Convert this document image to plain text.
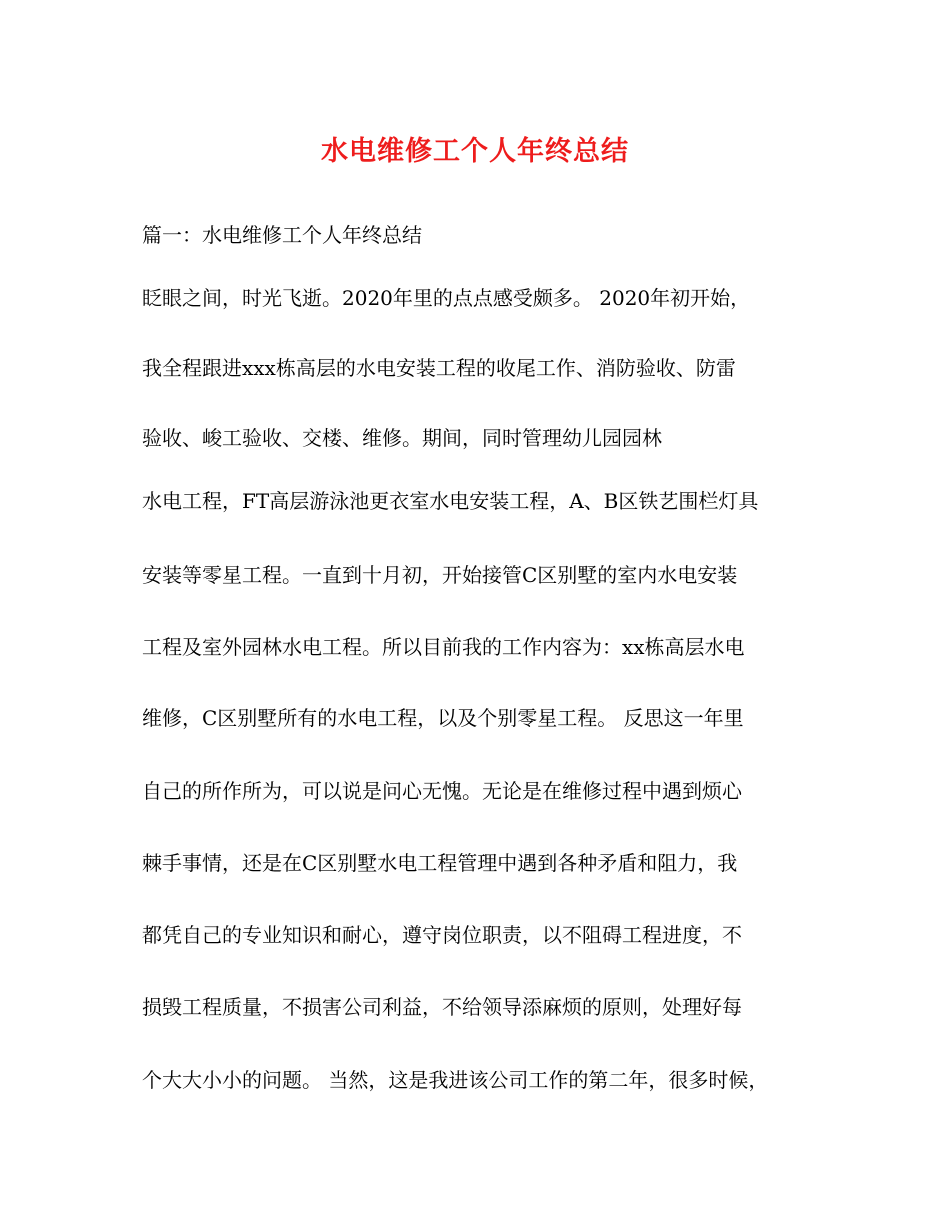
水电维修工个人年终总结
篇一：水电维修工个人年终总结
眨眼之间，时光飞逝。2020年里的点点感受颇多。 2020年初开始，
我全程跟进xxx栋高层的水电安装工程的收尾工作、消防验收、防雷
验收、峻工验收、交楼、维修。期间，同时管理幼儿园园林
水电工程，FT高层游泳池更衣室水电安装工程，A、B区铁艺围栏灯具
安装等零星工程。一直到十月初，开始接管C区别墅的室内水电安装
工程及室外园林水电工程。所以目前我的工作内容为：xx栋高层水电
维修，C区别墅所有的水电工程，以及个别零星工程。 反思这一年里
自己的所作所为，可以说是问心无愧。无论是在维修过程中遇到烦心
棘手事情，还是在C区别墅水电工程管理中遇到各种矛盾和阻力，我
都凭自己的专业知识和耐心，遵守岗位职责，以不阻碍工程进度，不
损毁工程质量，不损害公司利益，不给领导添麻烦的原则，处理好每
个大大小小的问题。 当然，这是我进该公司工作的第二年，很多时候，
